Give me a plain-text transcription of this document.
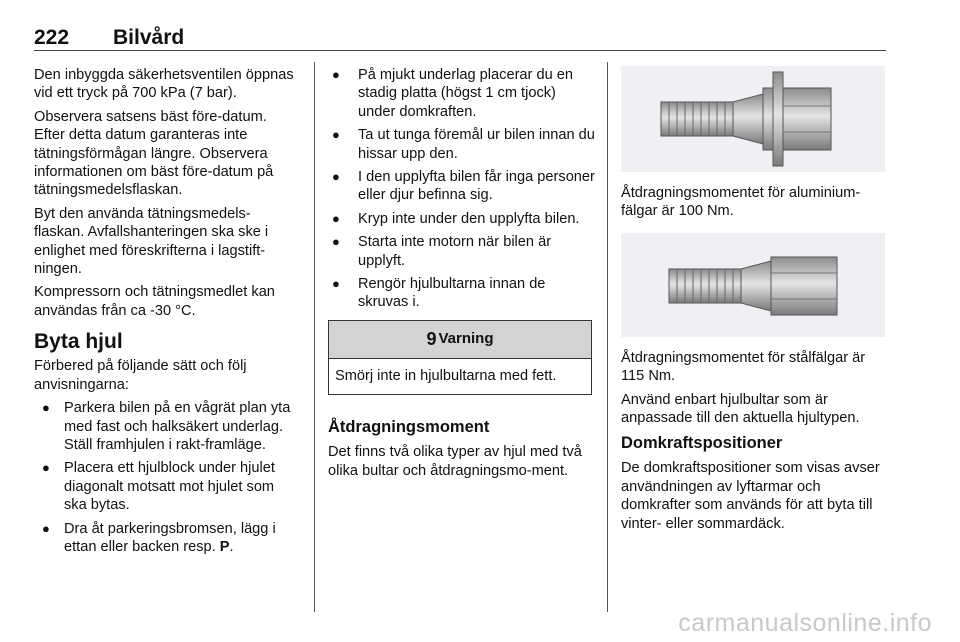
222 Bilvård

Den inbyggda säkerhetsventilen öppnas vid ett tryck på 700 kPa (7 bar).

Observera satsens bäst före-datum. Efter detta datum garanteras inte tätningsförmågan längre. Observera informationen om bäst före-datum på tätningsmedelsflaskan.

Byt den använda tätningsmedels-flaskan. Avfallshanteringen ska ske i enlighet med föreskrifterna i lagstift-ningen.

Kompressorn och tätningsmedlet kan användas från ca -30 °C.

Byta hjul

Förbered på följande sätt och följ anvisningarna:

● Parkera bilen på en vågrät plan yta med fast och halksäkert underlag. Ställ framhjulen i rakt-framläge.
● Placera ett hjulblock under hjulet diagonalt motsatt mot hjulet som ska bytas.
● Dra åt parkeringsbromsen, lägg i ettan eller backen resp. P.
● På mjukt underlag placerar du en stadig platta (högst 1 cm tjock) under domkraften.
● Ta ut tunga föremål ur bilen innan du hissar upp den.
● I den upplyfta bilen får inga personer eller djur befinna sig.
● Kryp inte under den upplyfta bilen.
● Starta inte motorn när bilen är upplyft.
● Rengör hjulbultarna innan de skruvas i.
9 Varning
Smörj inte in hjulbultarna med fett.
Åtdragningsmoment

Det finns två olika typer av hjul med två olika bultar och åtdragningsmo-ment.

Åtdragningsmomentet för aluminium-fälgar är 100 Nm.

Åtdragningsmomentet för stålfälgar är 115 Nm.

Använd enbart hjulbultar som är anpassade till den aktuella hjultypen.

Domkraftspositioner

De domkraftspositioner som visas avser användningen av lyftarmar och domkrafter som används för att byta till vinter- eller sommardäck.

carmanualsonline.info
